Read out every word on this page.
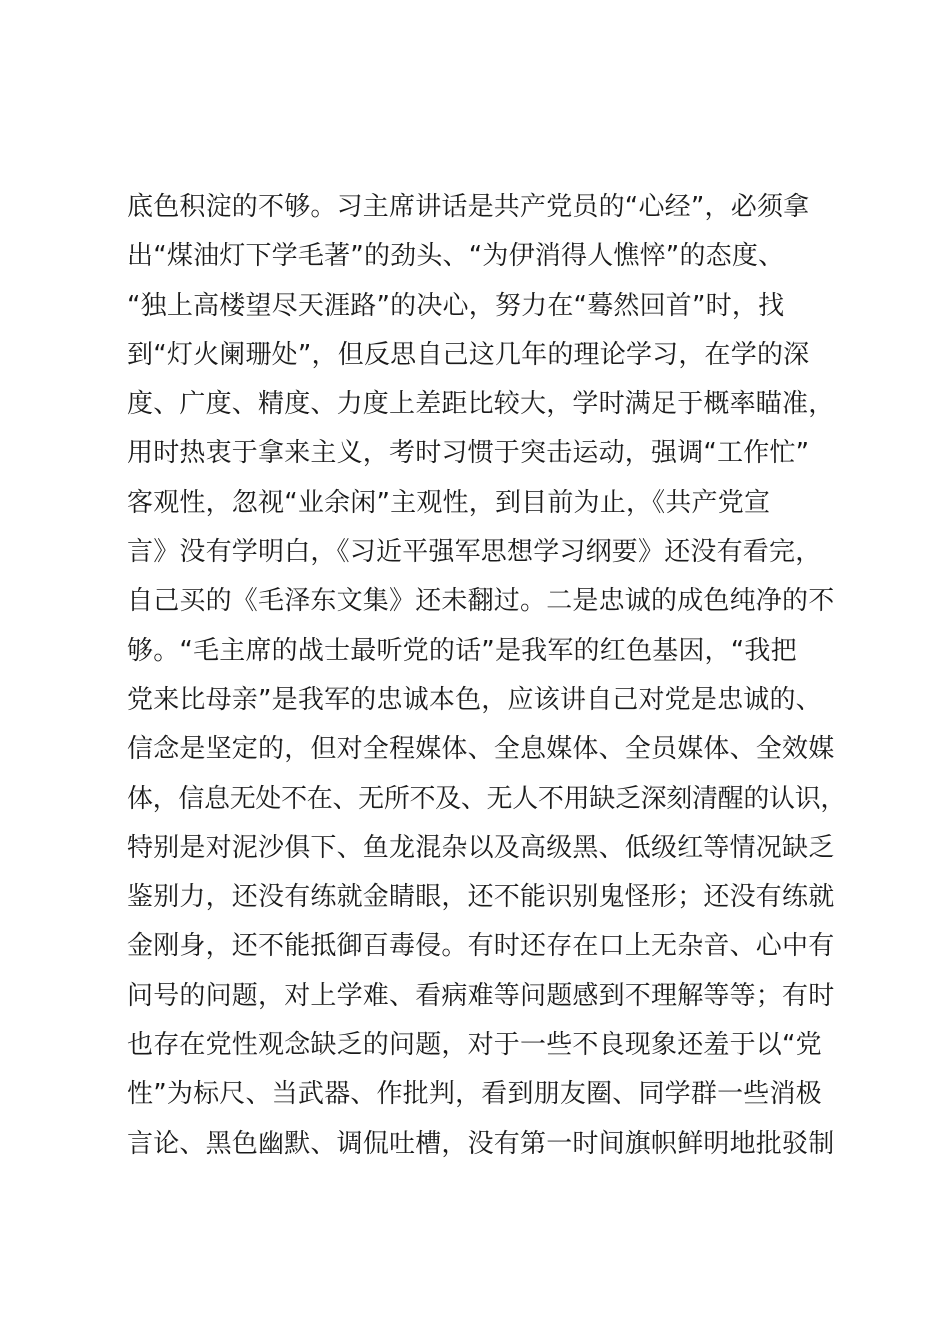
底色积淀的不够。习主席讲话是共产党员的“心经”，必须拿
出“煤油灯下学毛著”的劲头、“为伊消得人憔悴”的态度、
“独上高楼望尽天涯路”的决心，努力在“蓦然回首”时，找
到“灯火阑珊处”，但反思自己这几年的理论学习，在学的深
度、广度、精度、力度上差距比较大，学时满足于概率瞄准，
用时热衷于拿来主义，考时习惯于突击运动，强调“工作忙”
客观性，忽视“业余闲”主观性，到目前为止，《共产党宣
言》没有学明白，《习近平强军思想学习纲要》还没有看完，
自己买的《毛泽东文集》还未翻过。二是忠诚的成色纯净的不
够。“毛主席的战士最听党的话”是我军的红色基因，“我把
党来比母亲”是我军的忠诚本色，应该讲自己对党是忠诚的、
信念是坚定的，但对全程媒体、全息媒体、全员媒体、全效媒
体，信息无处不在、无所不及、无人不用缺乏深刻清醒的认识，
特别是对泥沙俱下、鱼龙混杂以及高级黑、低级红等情况缺乏
鉴别力，还没有练就金睛眼，还不能识别鬼怪形；还没有练就
金刚身，还不能抵御百毒侵。有时还存在口上无杂音、心中有
问号的问题，对上学难、看病难等问题感到不理解等等；有时
也存在党性观念缺乏的问题，对于一些不良现象还羞于以“党
性”为标尺、当武器、作批判，看到朋友圈、同学群一些消极
言论、黑色幽默、调侃吐槽，没有第一时间旗帜鲜明地批驳制
